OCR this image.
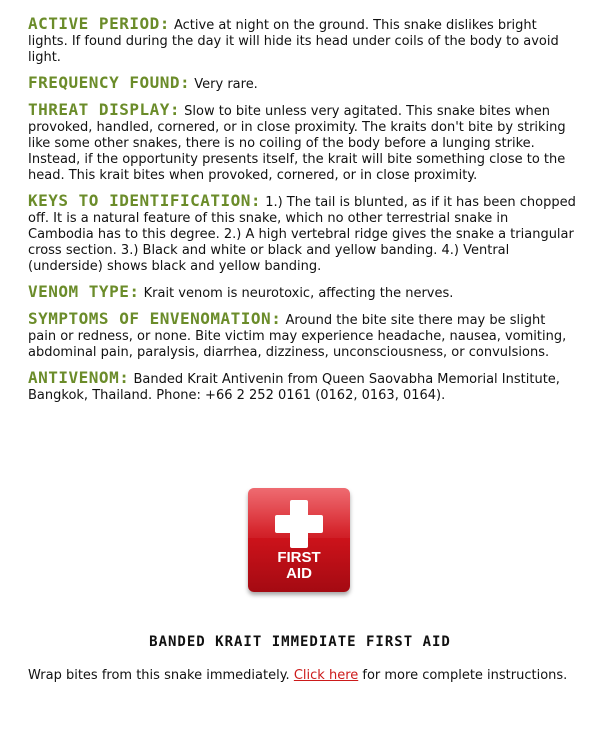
ACTIVE PERIOD: Active at night on the ground. This snake dislikes bright lights. If found during the day it will hide its head under coils of the body to avoid light.

FREQUENCY FOUND: Very rare.

THREAT DISPLAY: Slow to bite unless very agitated. This snake bites when provoked, handled, cornered, or in close proximity. The kraits don't bite by striking like some other snakes, there is no coiling of the body before a lunging strike. Instead, if the opportunity presents itself, the krait will bite something close to the head. This krait bites when provoked, cornered, or in close proximity.

KEYS TO IDENTIFICATION: 1.) The tail is blunted, as if it has been chopped off. It is a natural feature of this snake, which no other terrestrial snake in Cambodia has to this degree. 2.) A high vertebral ridge gives the snake a triangular cross section. 3.) Black and white or black and yellow banding. 4.) Ventral (underside) shows black and yellow banding.

VENOM TYPE: Krait venom is neurotoxic, affecting the nerves.

SYMPTOMS OF ENVENOMATION: Around the bite site there may be slight pain or redness, or none. Bite victim may experience headache, nausea, vomiting, abdominal pain, paralysis, diarrhea, dizziness, unconsciousness, or convulsions.

ANTIVENOM: Banded Krait Antivenin from Queen Saovabha Memorial Institute, Bangkok, Thailand. Phone: +66 2 252 0161 (0162, 0163, 0164).

FIRST
AID
BANDED KRAIT IMMEDIATE FIRST AID
Wrap bites from this snake immediately. Click here for more complete instructions.
